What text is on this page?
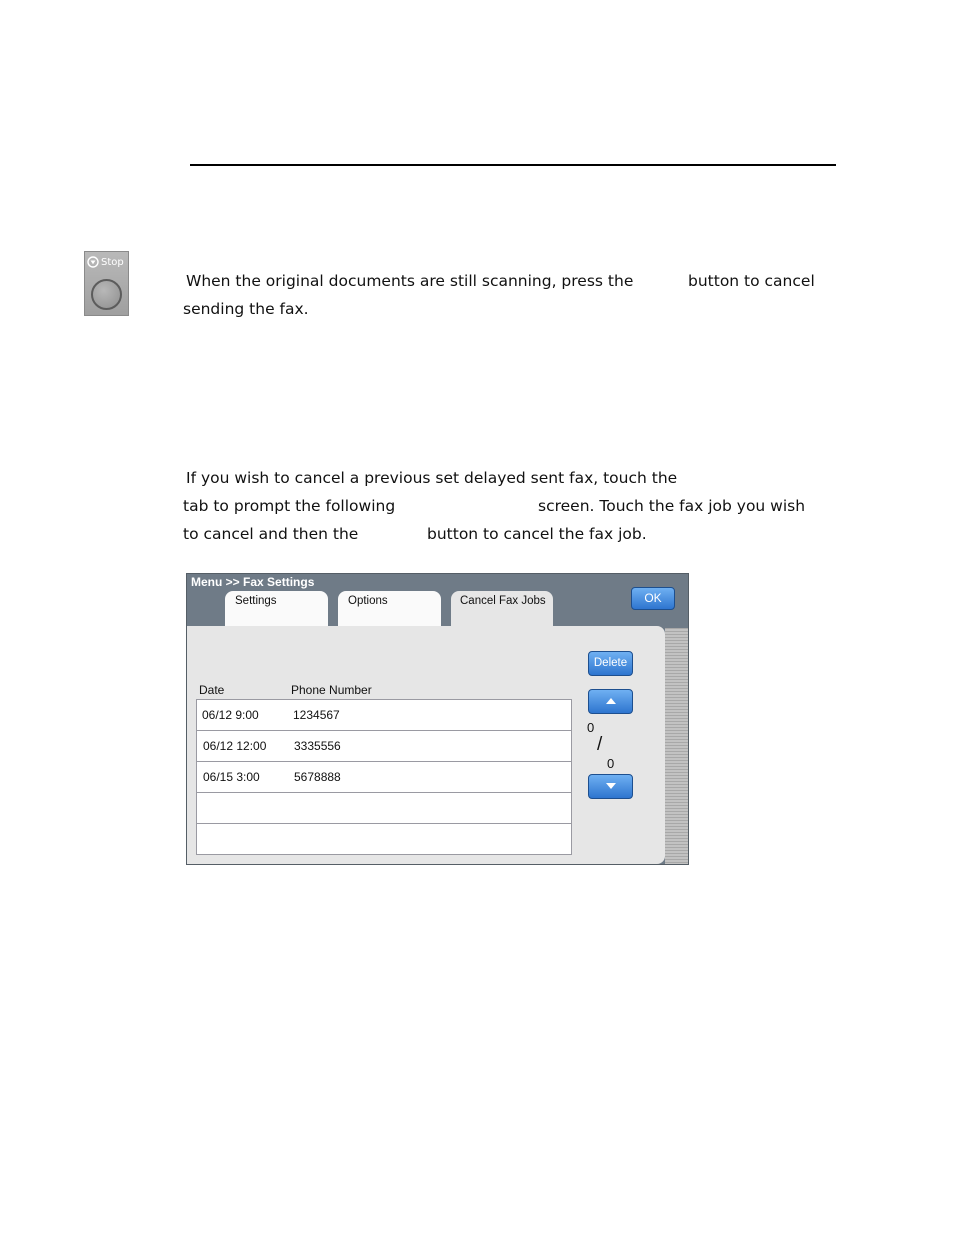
Stop
When the original documents are still scanning, press the	button to cancel
sending the fax.
If you wish to cancel a previous set delayed sent fax, touch the
tab to prompt the following	screen. Touch the fax job you wish
to cancel and then the	button to cancel the fax job.
Menu >> Fax Settings
Settings	Options	Cancel Fax Jobs	OK
Date	Phone Number
06/12 9:00	1234567
06/12 12:00 3335556
06/15 3:00	5678888
Delete
0
/
0
